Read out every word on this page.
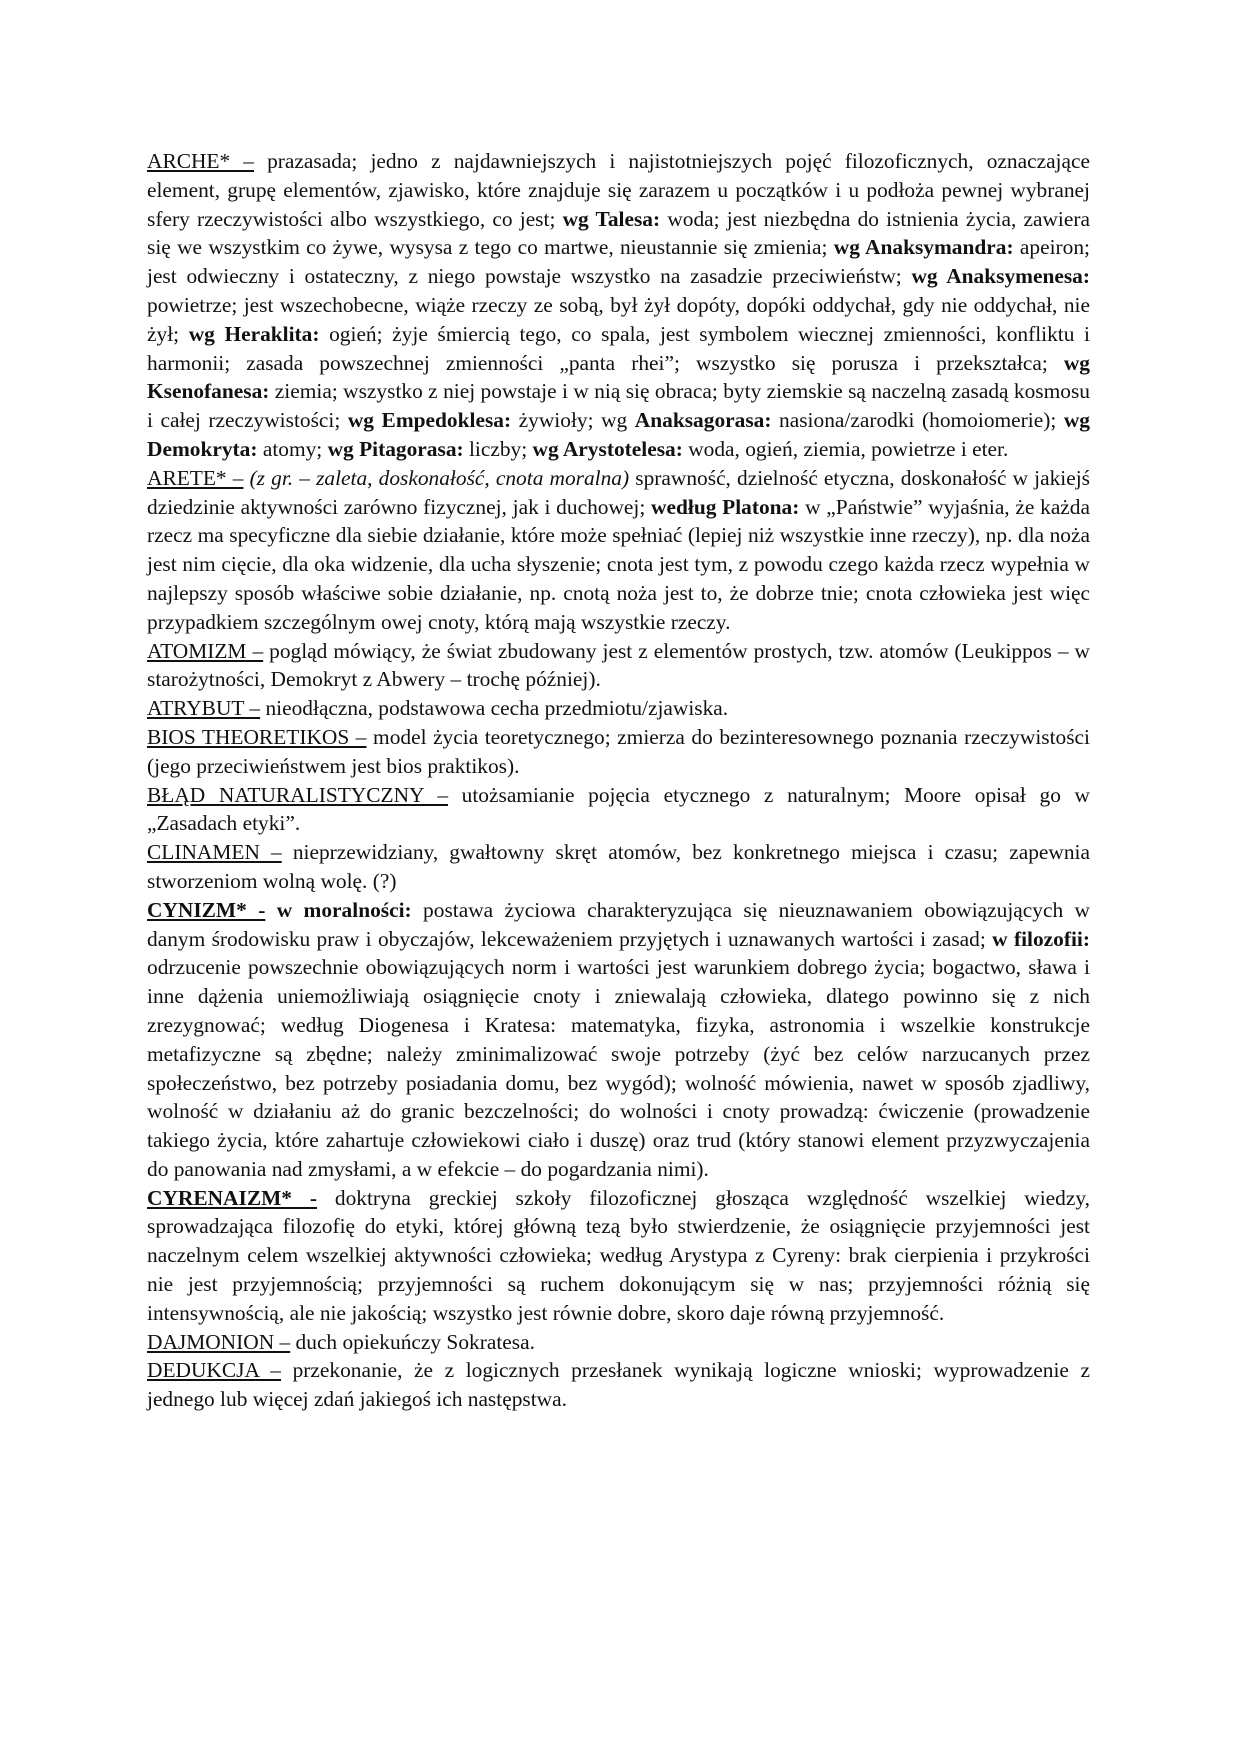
ARCHE* – prazasada; jedno z najdawniejszych i najistotniejszych pojęć filozoficznych, oznaczające element, grupę elementów, zjawisko, które znajduje się zarazem u początków i u podłoża pewnej wybranej sfery rzeczywistości albo wszystkiego, co jest; wg Talesa: woda; jest niezbędna do istnienia życia, zawiera się we wszystkim co żywe, wysysa z tego co martwe, nieustannie się zmienia; wg Anaksymandra: apeiron; jest odwieczny i ostateczny, z niego powstaje wszystko na zasadzie przeciwieństw; wg Anaksymenesa: powietrze; jest wszechobecne, wiąże rzeczy ze sobą, był żył dopóty, dopóki oddychał, gdy nie oddychał, nie żył; wg Heraklita: ogień; żyje śmiercią tego, co spala, jest symbolem wiecznej zmienności, konfliktu i harmonii; zasada powszechnej zmienności „panta rhei”; wszystko się porusza i przekształca; wg Ksenofanesa: ziemia; wszystko z niej powstaje i w nią się obraca; byty ziemskie są naczelną zasadą kosmosu i całej rzeczywistości; wg Empedoklesa: żywioły; wg Anaksagorasa: nasiona/zarodki (homoiomerie); wg Demokryta: atomy; wg Pitagorasa: liczby; wg Arystotelesa: woda, ogień, ziemia, powietrze i eter.

ARETE* – (z gr. – zaleta, doskonałość, cnota moralna) sprawność, dzielność etyczna, doskonałość w jakiejś dziedzinie aktywności zarówno fizycznej, jak i duchowej; według Platona: w „Państwie” wyjaśnia, że każda rzecz ma specyficzne dla siebie działanie, które może spełniać (lepiej niż wszystkie inne rzeczy), np. dla noża jest nim cięcie, dla oka widzenie, dla ucha słyszenie; cnota jest tym, z powodu czego każda rzecz wypełnia w najlepszy sposób właściwe sobie działanie, np. cnotą noża jest to, że dobrze tnie; cnota człowieka jest więc przypadkiem szczególnym owej cnoty, którą mają wszystkie rzeczy.

ATOMIZM – pogląd mówiący, że świat zbudowany jest z elementów prostych, tzw. atomów (Leukippos – w starożytności, Demokryt z Abwery – trochę później).

ATRYBUT – nieodłączna, podstawowa cecha przedmiotu/zjawiska.

BIOS THEORETIKOS – model życia teoretycznego; zmierza do bezinteresownego poznania rzeczywistości (jego przeciwieństwem jest bios praktikos).

BŁĄD NATURALISTYCZNY – utożsamianie pojęcia etycznego z naturalnym; Moore opisał go w „Zasadach etyki”.

CLINAMEN – nieprzewidziany, gwałtowny skręt atomów, bez konkretnego miejsca i czasu; zapewnia stworzeniom wolną wolę. (?)

CYNIZM* - w moralności: postawa życiowa charakteryzująca się nieuznawaniem obowiązujących w danym środowisku praw i obyczajów, lekceważeniem przyjętych i uznawanych wartości i zasad; w filozofii: odrzucenie powszechnie obowiązujących norm i wartości jest warunkiem dobrego życia; bogactwo, sława i inne dążenia uniemożliwiają osiągnięcie cnoty i zniewalają człowieka, dlatego powinno się z nich zrezygnować; według Diogenesa i Kratesa: matematyka, fizyka, astronomia i wszelkie konstrukcje metafizyczne są zbędne; należy zminimalizować swoje potrzeby (żyć bez celów narzucanych przez społeczeństwo, bez potrzeby posiadania domu, bez wygód); wolność mówienia, nawet w sposób zjadliwy, wolność w działaniu aż do granic bezczelności; do wolności i cnoty prowadzą: ćwiczenie (prowadzenie takiego życia, które zahartuje człowiekowi ciało i duszę) oraz trud (który stanowi element przyzwyczajenia do panowania nad zmysłami, a w efekcie – do pogardzania nimi).

CYRENAIZM* - doktryna greckiej szkoły filozoficznej głosząca względność wszelkiej wiedzy, sprowadzająca filozofię do etyki, której główną tezą było stwierdzenie, że osiągnięcie przyjemności jest naczelnym celem wszelkiej aktywności człowieka; według Arystypa z Cyreny: brak cierpienia i przykrości nie jest przyjemnością; przyjemności są ruchem dokonującym się w nas; przyjemności różnią się intensywnością, ale nie jakością; wszystko jest równie dobre, skoro daje równą przyjemność.

DAJMONION – duch opiekuńczy Sokratesa.

DEDUKCJA – przekonanie, że z logicznych przesłanek wynikają logiczne wnioski; wyprowadzenie z jednego lub więcej zdań jakiegoś ich następstwa.
